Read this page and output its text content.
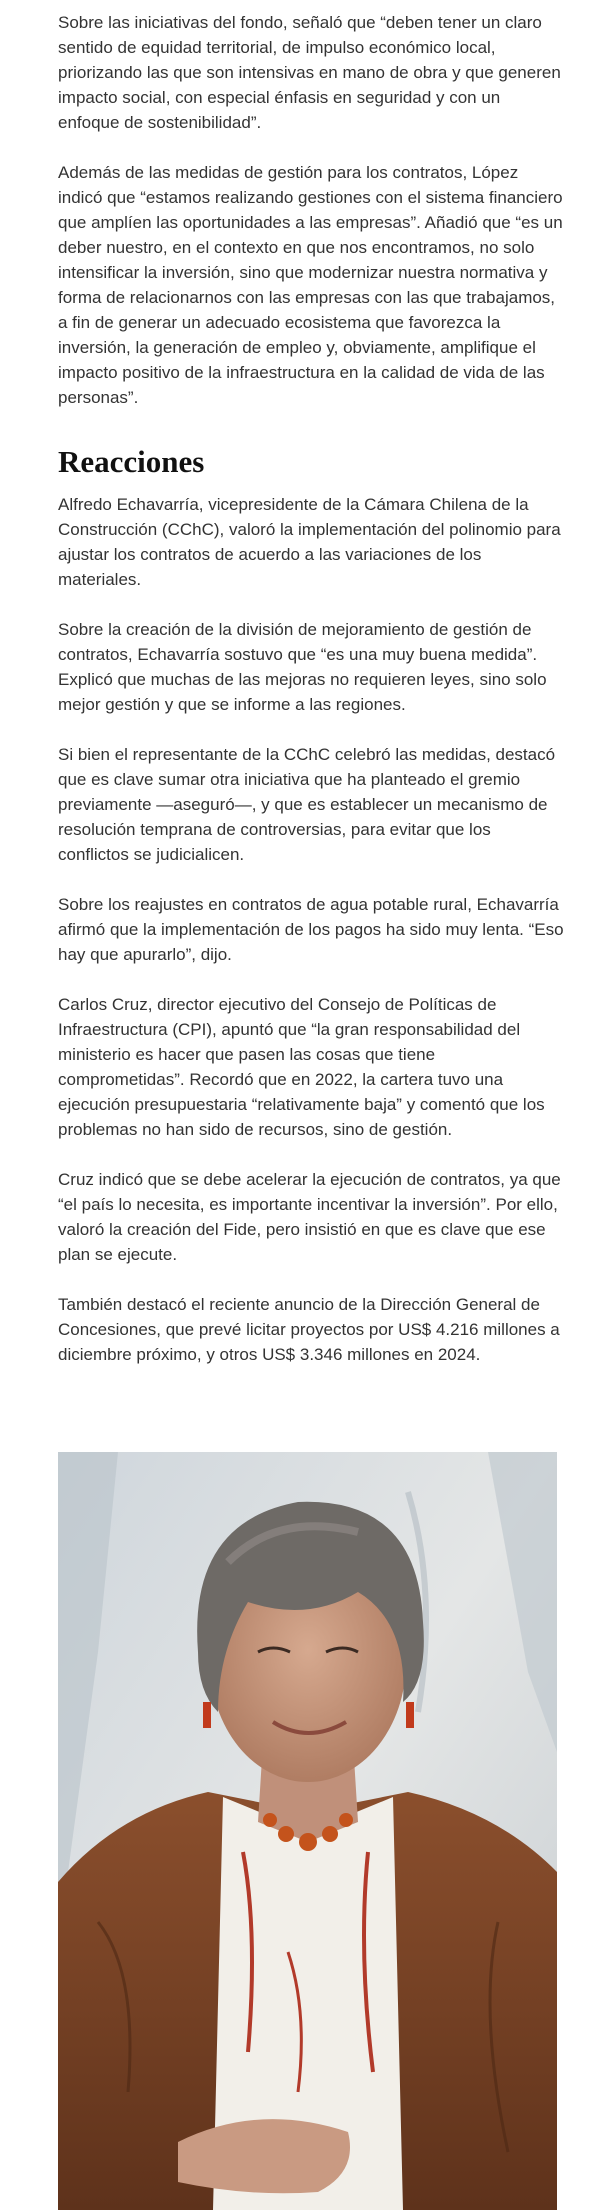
Sobre las iniciativas del fondo, señaló que “deben tener un claro sentido de equidad territorial, de impulso económico local, priorizando las que son intensivas en mano de obra y que generen impacto social, con especial énfasis en seguridad y con un enfoque de sostenibilidad”.

Además de las medidas de gestión para los contratos, López indicó que “estamos realizando gestiones con el sistema financiero que amplíen las oportunidades a las empresas”. Añadió que “es un deber nuestro, en el contexto en que nos encontramos, no solo intensificar la inversión, sino que modernizar nuestra normativa y forma de relacionarnos con las empresas con las que trabajamos, a fin de generar un adecuado ecosistema que favorezca la inversión, la generación de empleo y, obviamente, amplifique el impacto positivo de la infraestructura en la calidad de vida de las personas”.

Reacciones

Alfredo Echavarría, vicepresidente de la Cámara Chilena de la Construcción (CChC), valoró la implementación del polinomio para ajustar los contratos de acuerdo a las variaciones de los materiales.

Sobre la creación de la división de mejoramiento de gestión de contratos, Echavarría sostuvo que “es una muy buena medida”. Explicó que muchas de las mejoras no requieren leyes, sino solo mejor gestión y que se informe a las regiones.

Si bien el representante de la CChC celebró las medidas, destacó que es clave sumar otra iniciativa que ha planteado el gremio previamente —aseguró—, y que es establecer un mecanismo de resolución temprana de controversias, para evitar que los conflictos se judicialicen.

Sobre los reajustes en contratos de agua potable rural, Echavarría afirmó que la implementación de los pagos ha sido muy lenta. “Eso hay que apurarlo”, dijo.

Carlos Cruz, director ejecutivo del Consejo de Políticas de Infraestructura (CPI), apuntó que “la gran responsabilidad del ministerio es hacer que pasen las cosas que tiene comprometidas”. Recordó que en 2022, la cartera tuvo una ejecución presupuestaria “relativamente baja” y comentó que los problemas no han sido de recursos, sino de gestión.

Cruz indicó que se debe acelerar la ejecución de contratos, ya que “el país lo necesita, es importante incentivar la inversión”. Por ello, valoró la creación del Fide, pero insistió en que es clave que ese plan se ejecute.

También destacó el reciente anuncio de la Dirección General de Concesiones, que prevé licitar proyectos por US$ 4.216 millones a diciembre próximo, y otros US$ 3.346 millones en 2024.
